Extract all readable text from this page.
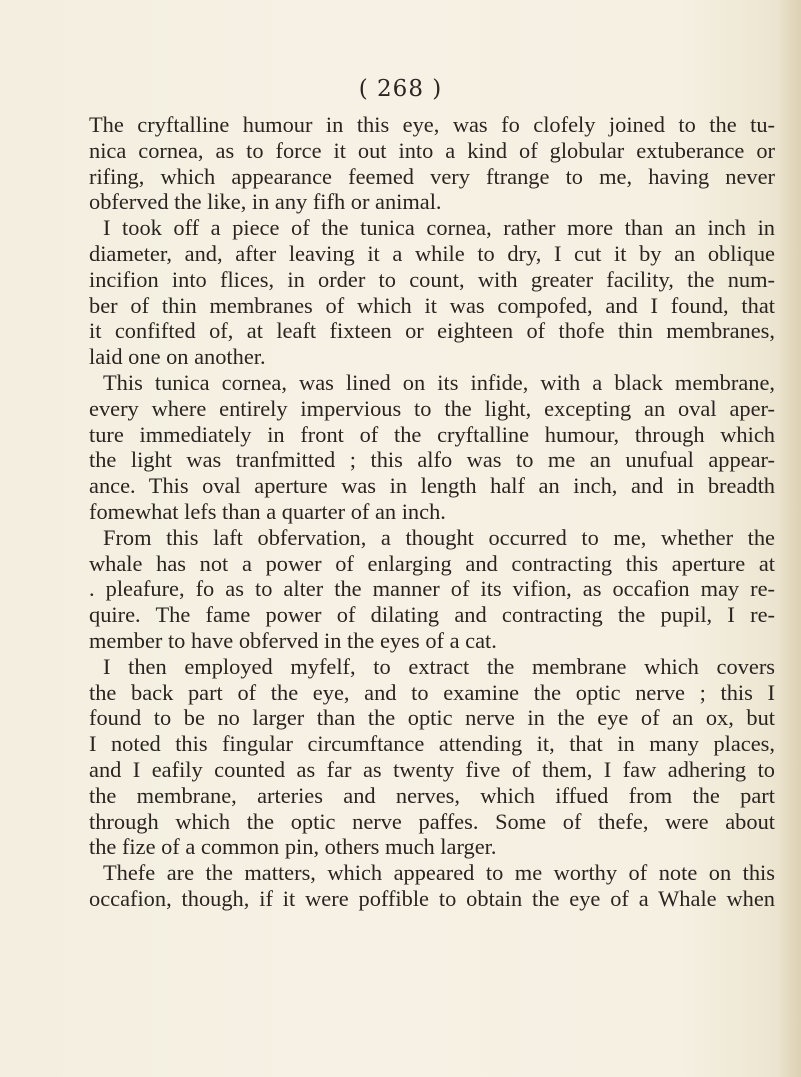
( 268 )
The cryftalline humour in this eye, was fo clofely joined to the tu-
nica cornea, as to force it out into a kind of globular extuberance or
rifing, which appearance feemed very ftrange to me, having never
obferved the like, in any fifh or animal.
I took off a piece of the tunica cornea, rather more than an inch in
diameter, and, after leaving it a while to dry, I cut it by an oblique
incifion into flices, in order to count, with greater facility, the num-
ber of thin membranes of which it was compofed, and I found, that
it confifted of, at leaft fixteen or eighteen of thofe thin membranes,
laid one on another.
This tunica cornea, was lined on its infide, with a black membrane,
every where entirely impervious to the light, excepting an oval aper-
ture immediately in front of the cryftalline humour, through which
the light was tranfmitted ; this alfo was to me an unufual appear-
ance. This oval aperture was in length half an inch, and in breadth
fomewhat lefs than a quarter of an inch.
From this laft obfervation, a thought occurred to me, whether the
whale has not a power of enlarging and contracting this aperture at
. pleafure, fo as to alter the manner of its vifion, as occafion may re-
quire. The fame power of dilating and contracting the pupil, I re-
member to have obferved in the eyes of a cat.
I then employed myfelf, to extract the membrane which covers
the back part of the eye, and to examine the optic nerve ; this I
found to be no larger than the optic nerve in the eye of an ox, but
I noted this fingular circumftance attending it, that in many places,
and I eafily counted as far as twenty five of them, I faw adhering to
the membrane, arteries and nerves, which iffued from the part
through which the optic nerve paffes. Some of thefe, were about
the fize of a common pin, others much larger.
Thefe are the matters, which appeared to me worthy of note on this
occafion, though, if it were poffible to obtain the eye of a Whale when
